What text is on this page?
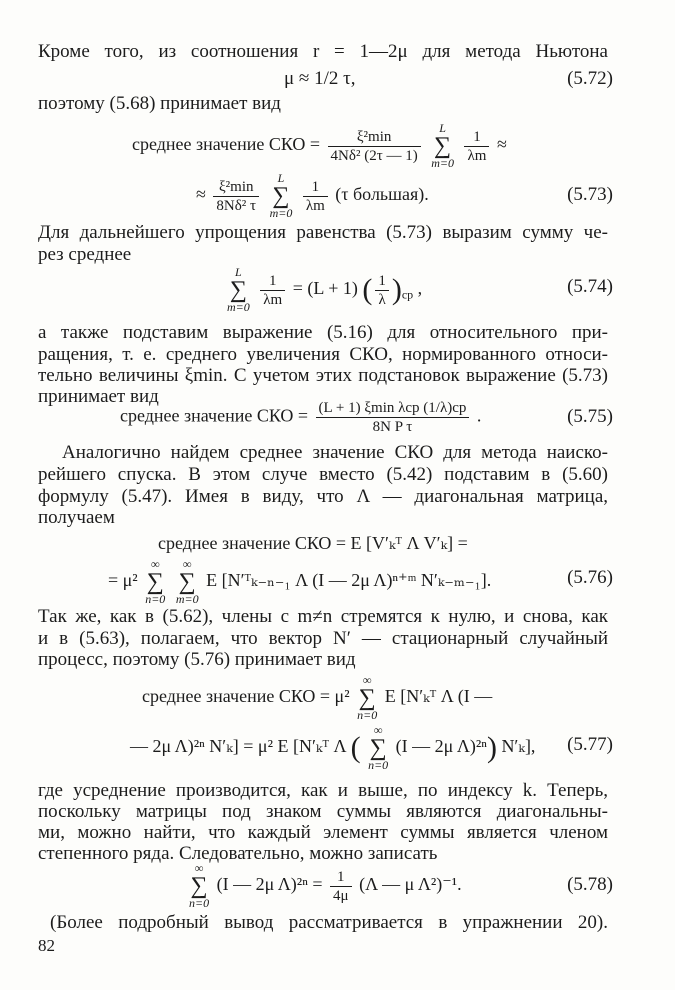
Кроме того, из соотношения r = 1—2μ для метода Ньютона
μ ≈ 1/2 τ,	(5.72)
поэтому (5.68) принимает вид
среднее значение СКО = $\frac{\text{ξ²min}}{\text{4Nδ² (2τ — 1)}}$
	L
∑
m=0
$\frac{1}{\lambda m}$ ≈
≈ $\frac{\text{ξ²min}}{\text{8Nδ² τ}}$
	L
∑
m=0
$\frac{1}{\lambda m} (\tau$ большая).	(5.73)
Для дальнейшего упрощения равенства (5.73) выразим сумму че-
рез среднее
L
∑
m=0
$\frac{1}{\lambda m} = (L + 1)$ ( $\frac{1}{\lambda} )_{ср}$ ,	(5.74)
а также подставим выражение (5.16) для относительного при-
ращения, т. е. среднего увеличения СКО, нормированного относи-
тельно величины ξmin. С учетом этих подстановок выражение (5.73)
принимает вид
среднее значение СКО = $\frac{\text{(L + 1) ξmin λср (1/λ)ср}}{\text{8N P τ}}$ .	(5.75)
Аналогично найдем среднее значение СКО для метода наиско-
рейшего спуска. В этом случе вместо (5.42) подставим в (5.60)
формулу (5.47). Имея в виду, что Λ — диагональная матрица,
получаем
среднее значение СКО = E [V′ₖᵀ Λ V′ₖ] =
= μ²
∞
∑
n=0

∞
∑
m=0
E [N′ᵀₖ₋ₙ₋₁ Λ (I — 2μ Λ)ⁿ⁺ᵐ N′ₖ₋ₘ₋₁].	(5.76)
Так же, как в (5.62), члены с m≠n стремятся к нулю, и снова, как
и в (5.63), полагаем, что вектор N′ — стационарный случайный
процесс, поэтому (5.76) принимает вид
среднее значение СКО = μ²
∞
∑
n=0
E [N′ₖᵀ Λ (I —
— 2μ Λ)²ⁿ N′ₖ] = μ² E [N′ₖᵀ Λ (
∞
∑
n=0
(I — 2μ Λ)²ⁿ) N′ₖ], (5.77)
где усреднение производится, как и выше, по индексу k. Теперь,
поскольку матрицы под знаком суммы являются диагональны-
ми, можно найти, что каждый элемент суммы является членом
степенного ряда. Следовательно, можно записать
∞
∑
n=0
(I — 2μ $\Lambda)^{2n} = \frac{1}{4\mu} (\Lambda$ — μ Λ²)⁻¹.	(5.78)
(Более подробный вывод рассматривается в упражнении 20).
82
